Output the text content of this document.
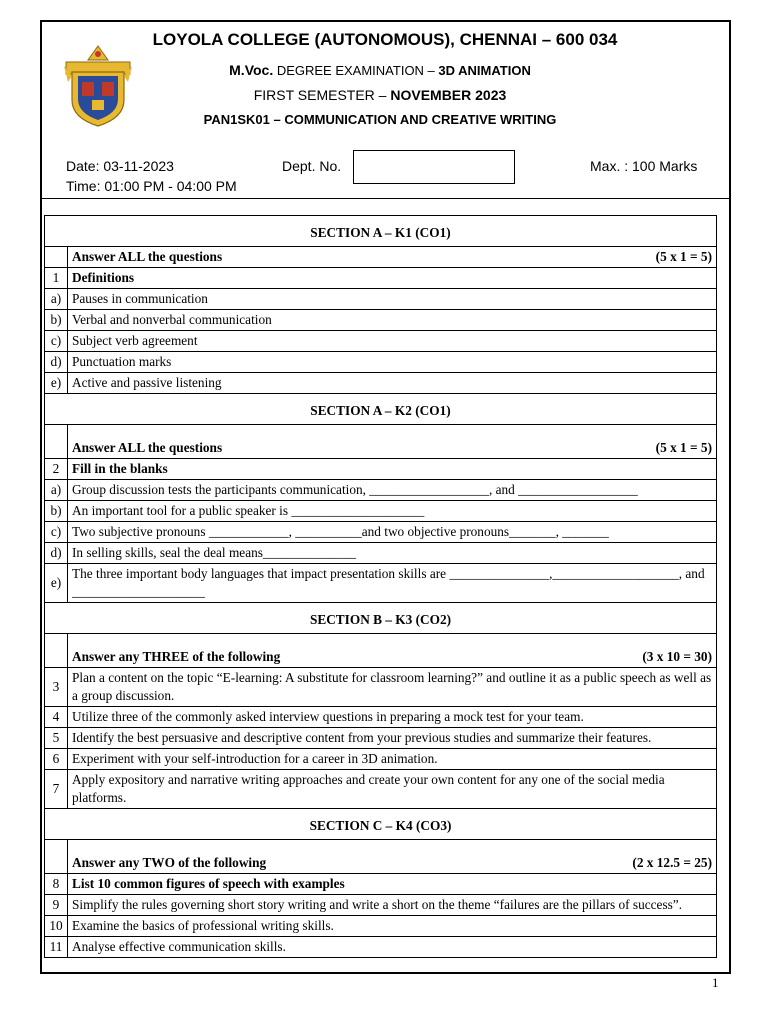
LOYOLA COLLEGE (AUTONOMOUS), CHENNAI – 600 034
M.Voc. DEGREE EXAMINATION – 3D ANIMATION
FIRST SEMESTER – NOVEMBER 2023
PAN1SK01 – COMMUNICATION AND CREATIVE WRITING
Date: 03-11-2023	Dept. No.	Max. : 100 Marks
Time: 01:00 PM - 04:00 PM
SECTION A – K1 (CO1)	

	Answer ALL the questions (5 x 1 = 5)

1	Definitions
a)	Pauses in communication
b)	Verbal and nonverbal communication
c)	Subject verb agreement
d)	Punctuation marks
e)	Active and passive listening
SECTION A – K2 (CO1)	

	Answer ALL the questions (5 x 1 = 5)

2	Fill in the blanks
a)	Group discussion tests the participants communication, __________________, and __________________
b)	An important tool for a public speaker is ____________________
c)	Two subjective pronouns ____________, __________and two objective pronouns_______, _______
d)	In selling skills, seal the deal means______________
e)	The three important body languages that impact presentation skills are _______________,___________________, and ____________________
SECTION B – K3 (CO2)	

	Answer any THREE of the following (3 x 10 = 30)

3	Plan a content on the topic “E-learning: A substitute for classroom learning?” and outline it as a public speech as well as a group discussion.
4	Utilize three of the commonly asked interview questions in preparing a mock test for your team.
5	Identify the best persuasive and descriptive content from your previous studies and summarize their features.
6	Experiment with your self-introduction for a career in 3D animation.
7	Apply expository and narrative writing approaches and create your own content for any one of the social media platforms.
SECTION C – K4 (CO3)	

	Answer any TWO of the following (2 x 12.5 = 25)

8	List 10 common figures of speech with examples
9	Simplify the rules governing short story writing and write a short on the theme “failures are the pillars of success”.
10	Examine the basics of professional writing skills.
11	Analyse effective communication skills.
1
